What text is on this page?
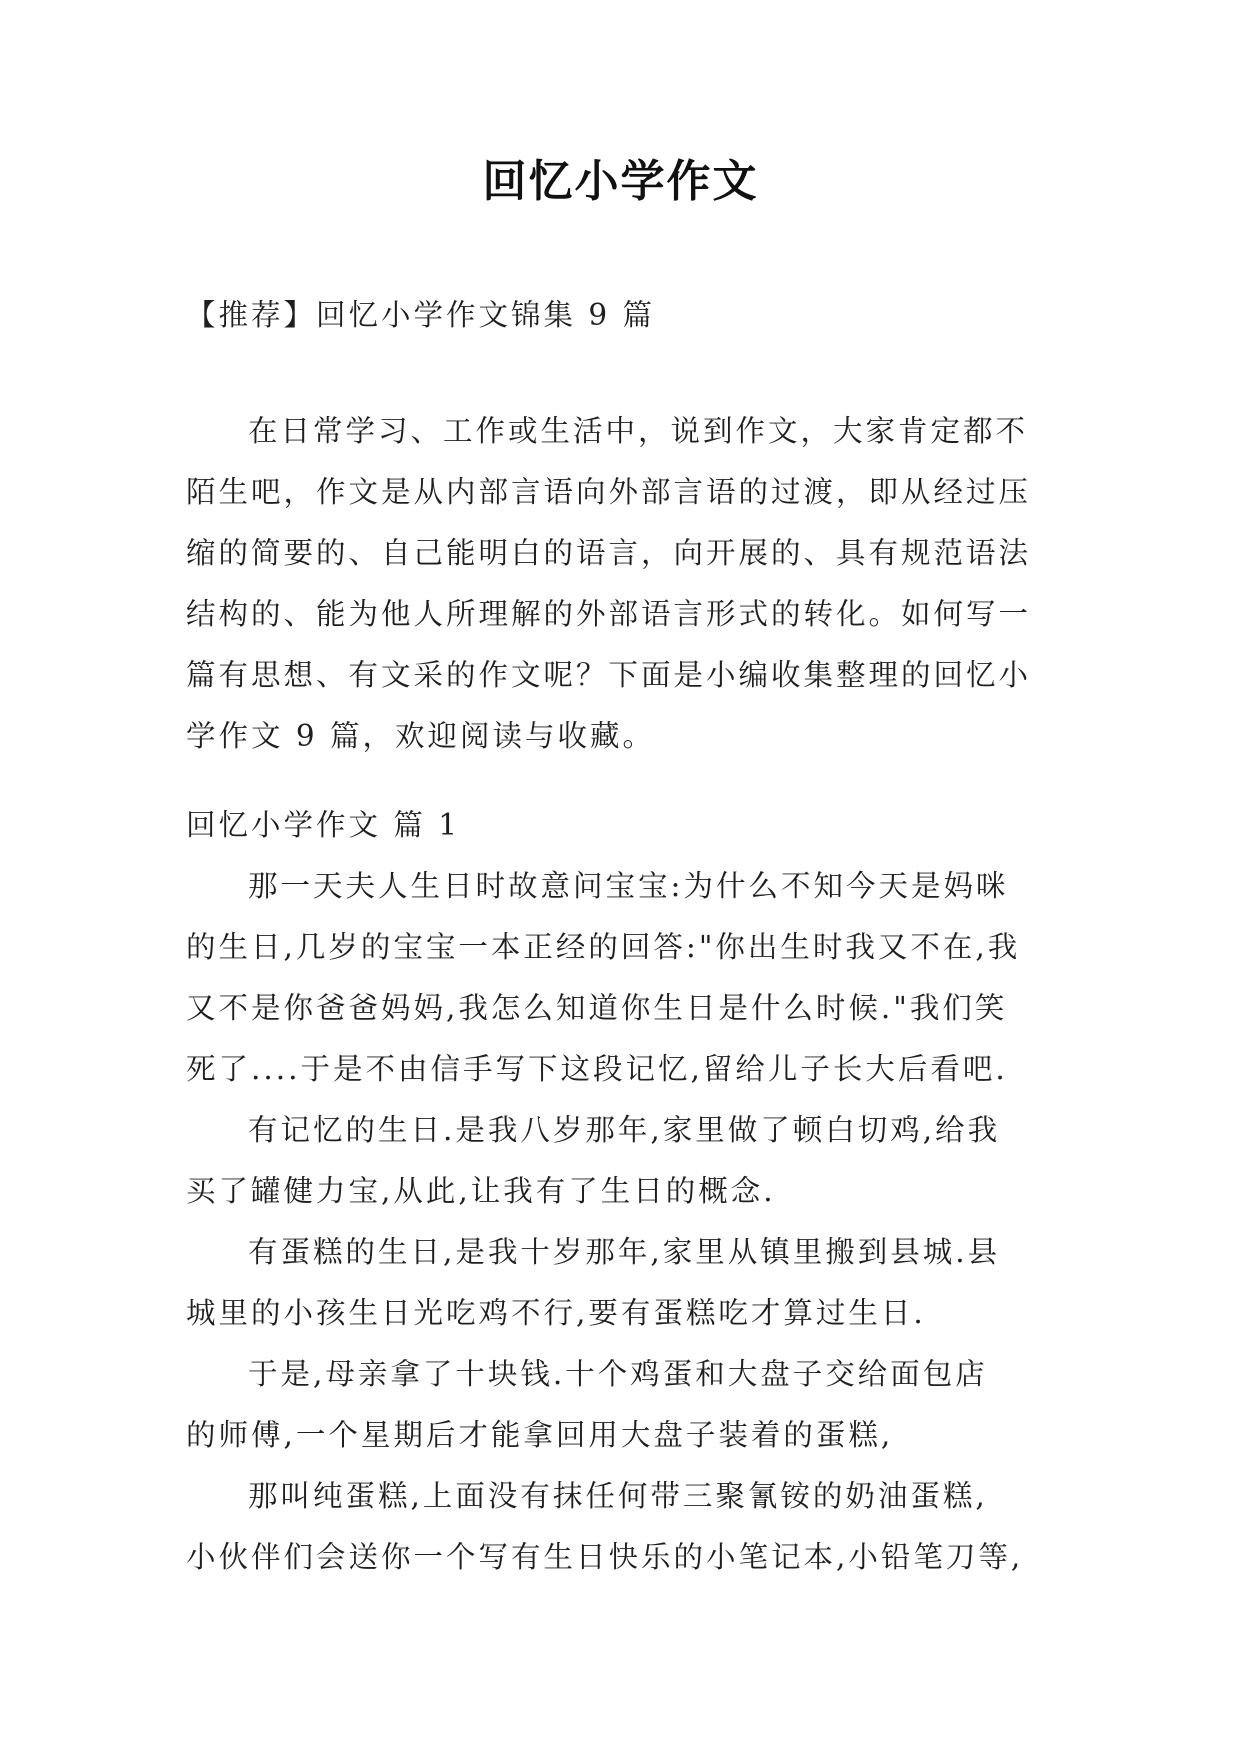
回忆小学作文
【推荐】回忆小学作文锦集 9 篇
在日常学习、工作或生活中，说到作文，大家肯定都不
陌生吧，作文是从内部言语向外部言语的过渡，即从经过压
缩的简要的、自己能明白的语言，向开展的、具有规范语法
结构的、能为他人所理解的外部语言形式的转化。如何写一
篇有思想、有文采的作文呢？下面是小编收集整理的回忆小
学作文 9 篇，欢迎阅读与收藏。
回忆小学作文 篇 1
那一天夫人生日时故意问宝宝:为什么不知今天是妈咪
的生日,几岁的宝宝一本正经的回答:"你出生时我又不在,我
又不是你爸爸妈妈,我怎么知道你生日是什么时候."我们笑
死了....于是不由信手写下这段记忆,留给儿子长大后看吧.
有记忆的生日.是我八岁那年,家里做了顿白切鸡,给我
买了罐健力宝,从此,让我有了生日的概念.
有蛋糕的生日,是我十岁那年,家里从镇里搬到县城.县
城里的小孩生日光吃鸡不行,要有蛋糕吃才算过生日.
于是,母亲拿了十块钱.十个鸡蛋和大盘子交给面包店
的师傅,一个星期后才能拿回用大盘子装着的蛋糕,
那叫纯蛋糕,上面没有抹任何带三聚氰铵的奶油蛋糕,
小伙伴们会送你一个写有生日快乐的小笔记本,小铅笔刀等,
